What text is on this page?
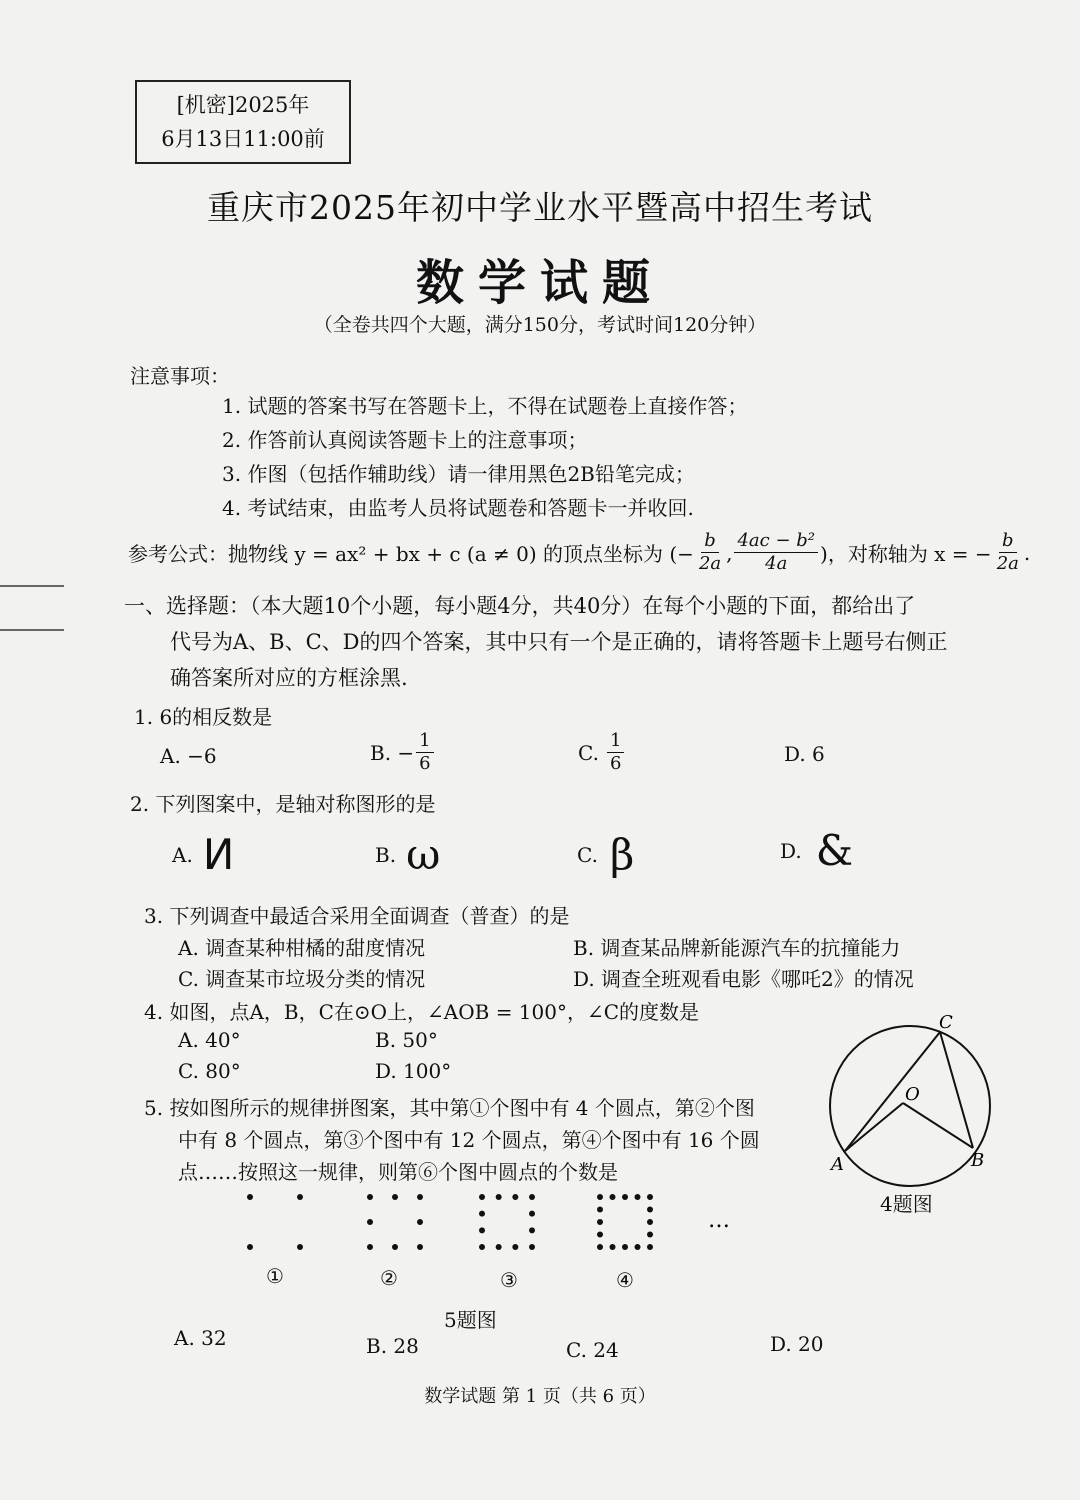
[机密]2025年
6月13日11:00前
重庆市2025年初中学业水平暨高中招生考试
数学试题
（全卷共四个大题，满分150分，考试时间120分钟）
注意事项：
1. 试题的答案书写在答题卡上，不得在试题卷上直接作答；
2. 作答前认真阅读答题卡上的注意事项；
3. 作图（包括作辅助线）请一律用黑色2B铅笔完成；
4. 考试结束，由监考人员将试题卷和答题卡一并收回.
参考公式：抛物线 y = ax² + bx + c (a ≠ 0) 的顶点坐标为 (− $\frac{b}{2a}$ , $\frac{\text{4ac − b²}}{4a}$ )，对称轴为 x = − $\frac{b}{2a}$ .
一、选择题：（本大题10个小题，每小题4分，共40分）在每个小题的下面，都给出了
代号为A、B、C、D的四个答案，其中只有一个是正确的，请将答题卡上题号右侧正
确答案所对应的方框涂黑.
1. 6的相反数是
A. −6	B. − $\frac{1}{6}$	C. $\frac{1}{6}$	D. 6
2. 下列图案中，是轴对称图形的是
A. И	B. ω	C. β	D. &
3. 下列调查中最适合采用全面调查（普查）的是
A. 调查某种柑橘的甜度情况	B. 调查某品牌新能源汽车的抗撞能力
C. 调查某市垃圾分类的情况	D. 调查全班观看电影《哪吒2》的情况
4. 如图，点A，B，C在⊙O上，∠AOB = 100°，∠C的度数是
A. 40°	B. 50°
C. 80°	D. 100°
C
O
A	B
4题图
5. 按如图所示的规律拼图案，其中第①个图中有 4 个圆点，第②个图
中有 8 个圆点，第③个图中有 12 个圆点，第④个图中有 16 个圆
点……按照这一规律，则第⑥个图中圆点的个数是
…
①	②	③	④
5题图
A. 32	B. 28	C. 24	D. 20
数学试题 第 1 页（共 6 页）
